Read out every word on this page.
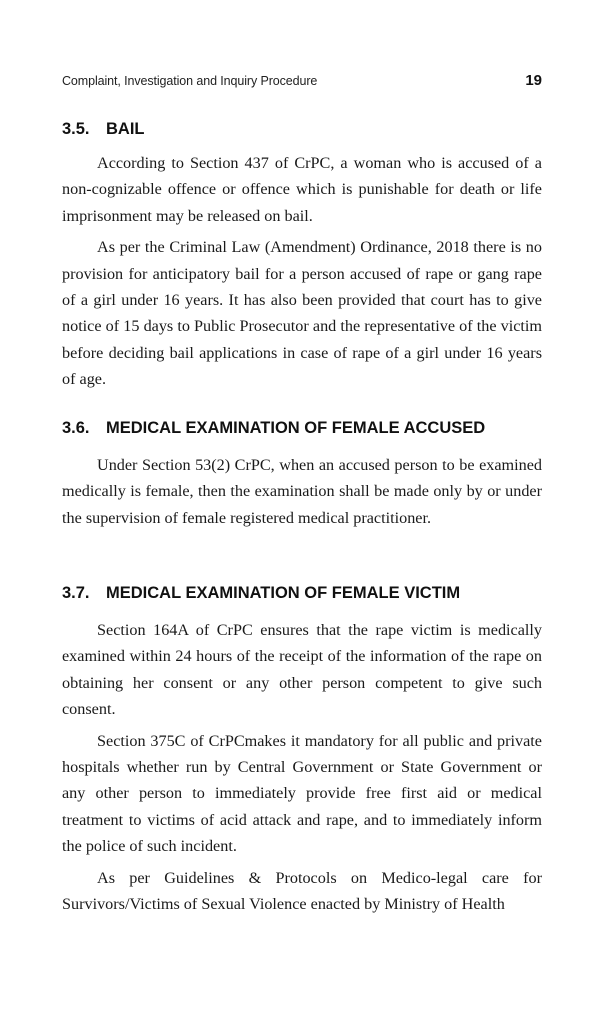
Complaint, Investigation and Inquiry Procedure	19
3.5. BAIL

According to Section 437 of CrPC, a woman who is accused of a non-cognizable offence or offence which is punishable for death or life imprisonment may be released on bail.

As per the Criminal Law (Amendment) Ordinance, 2018 there is no provision for anticipatory bail for a person accused of rape or gang rape of a girl under 16 years. It has also been provided that court has to give notice of 15 days to Public Prosecutor and the representative of the victim before deciding bail applications in case of rape of a girl under 16 years of age.

3.6. MEDICAL EXAMINATION OF FEMALE ACCUSED

Under Section 53(2) CrPC, when an accused person to be examined medically is female, then the examination shall be made only by or under the supervision of female registered medical practitioner.

3.7. MEDICAL EXAMINATION OF FEMALE VICTIM

Section 164A of CrPC ensures that the rape victim is medically examined within 24 hours of the receipt of the information of the rape on obtaining her consent or any other person competent to give such consent.

Section 375C of CrPCmakes it mandatory for all public and private hospitals whether run by Central Government or State Government or any other person to immediately provide free first aid or medical treatment to victims of acid attack and rape, and to immediately inform the police of such incident.

As per Guidelines & Protocols on Medico-legal care for Survivors/Victims of Sexual Violence enacted by Ministry of Health
